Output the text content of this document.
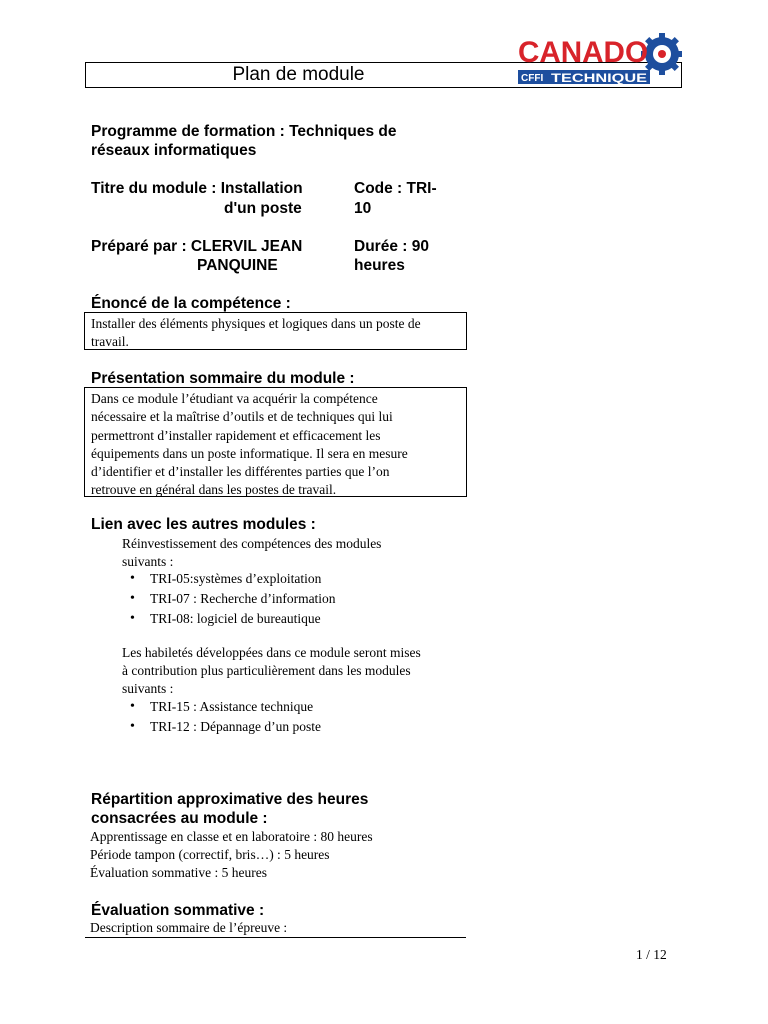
Plan de module
CANADO
CFFI TECHNIQUE
Programme de formation : Techniques de
réseaux informatiques
Titre du module : Installation
d'un poste
Code : TRI-
10
Préparé par : CLERVIL JEAN
PANQUINE
Durée : 90
heures
Énoncé de la compétence :
Installer des éléments physiques et logiques dans un poste de
travail.
Présentation sommaire du module :
Dans ce module l’étudiant va acquérir la compétence
nécessaire et la maîtrise d’outils et de techniques qui lui
permettront d’installer rapidement et efficacement les
équipements dans un poste informatique. Il sera en mesure
d’identifier et d’installer les différentes parties que l’on
retrouve en général dans les postes de travail.
Lien avec les autres modules :
Réinvestissement des compétences des modules
suivants :
• TRI-05:systèmes d’exploitation
• TRI-07 : Recherche d’information
• TRI-08: logiciel de bureautique
Les habiletés développées dans ce module seront mises
à contribution plus particulièrement dans les modules
suivants :
• TRI-15 : Assistance technique
• TRI-12 : Dépannage d’un poste
Répartition approximative des heures
consacrées au module :
Apprentissage en classe et en laboratoire : 80 heures
Période tampon (correctif, bris…) : 5 heures
Évaluation sommative : 5 heures
Évaluation sommative :
Description sommaire de l’épreuve :
1 / 12
